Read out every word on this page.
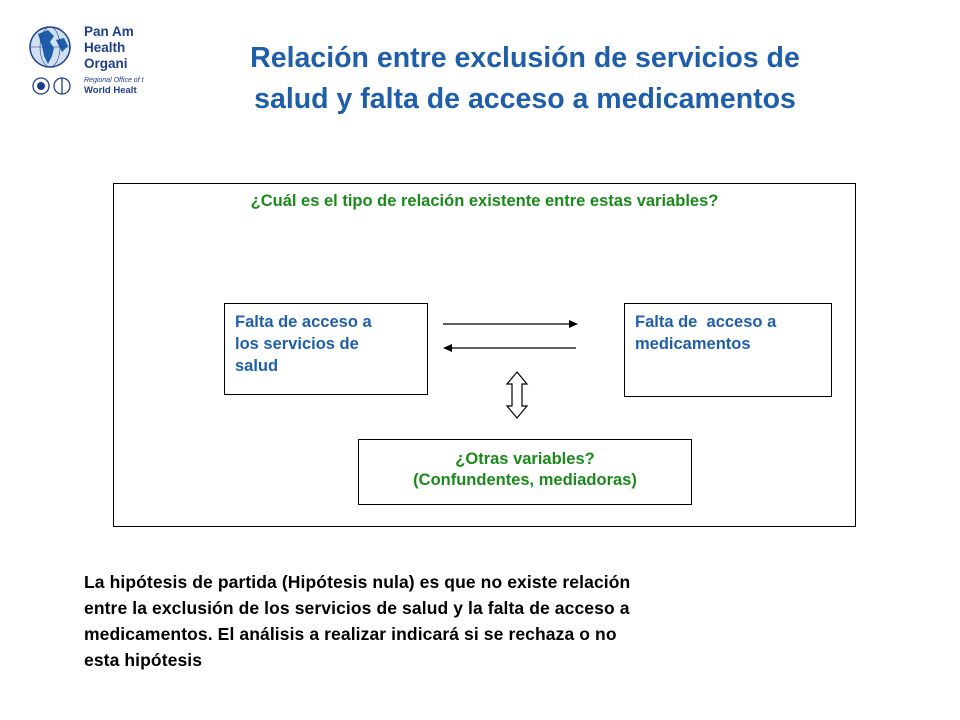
Pan Am
Health
Organi
Regional Office of t
World Healt
Relación entre exclusión de servicios de
salud y falta de acceso a medicamentos
¿Cuál es el tipo de relación existente entre estas variables?
Falta de acceso a
los servicios de
salud
Falta de  acceso a
medicamentos
¿Otras variables?
(Confundentes, mediadoras)
La hipótesis de partida (Hipótesis nula) es que no existe relación
entre la exclusión de los servicios de salud y la falta de acceso a
medicamentos. El análisis a realizar indicará si se rechaza o no
esta hipótesis
